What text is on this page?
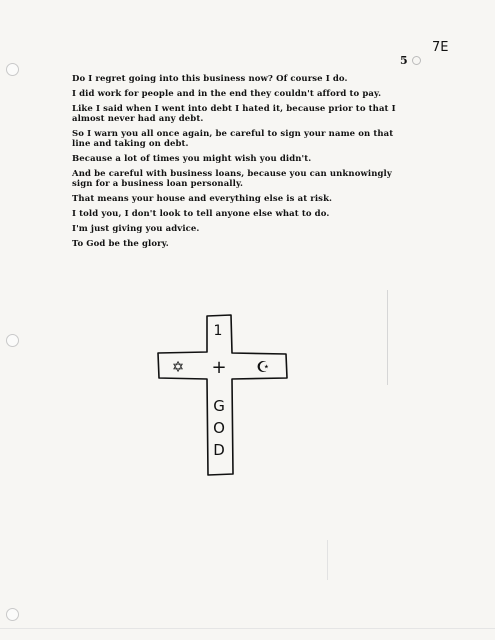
7E
5

Do I regret going into this business now? Of course I do.

I did work for people and in the end they couldn't afford to pay.

Like I said when I went into debt I hated it, because prior to that I almost never had any debt.

So I warn you all once again, be careful to sign your name on that line and taking on debt.

Because a lot of times you might wish you didn't.

And be careful with business loans, because you can unknowingly sign for a business loan personally.

That means your house and everything else is at risk.

I told you, I don't look to tell anyone else what to do.

I'm just giving you advice.

To God be the glory.

1
+
✡	☪
G
O
D
